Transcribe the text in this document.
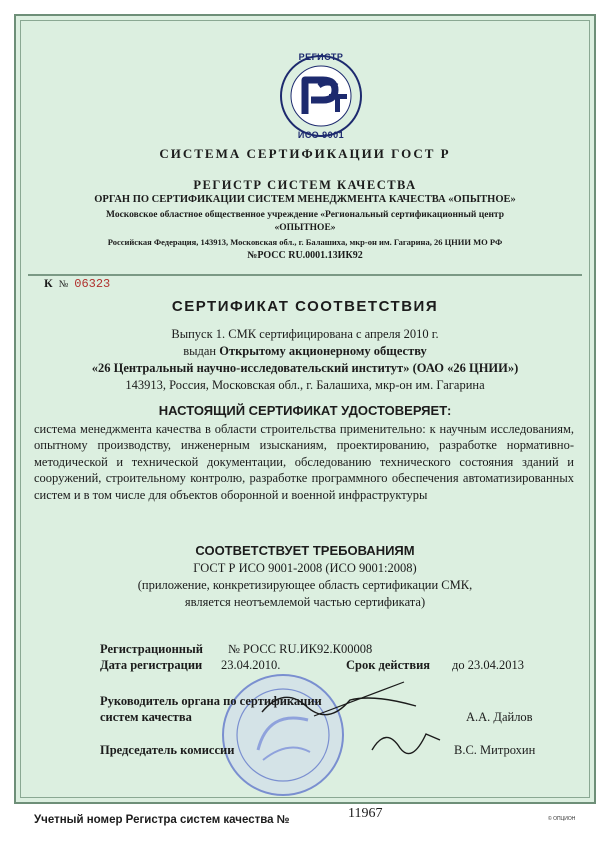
РЕГИСТР
ИСО 9001
СИСТЕМА СЕРТИФИКАЦИИ ГОСТ Р
РЕГИСТР СИСТЕМ КАЧЕСТВА
ОРГАН ПО СЕРТИФИКАЦИИ СИСТЕМ МЕНЕДЖМЕНТА КАЧЕСТВА «ОПЫТНОЕ»
Московское областное общественное учреждение «Региональный сертификационный центр
«ОПЫТНОЕ»
Российская Федерация, 143913, Московская обл., г. Балашиха, мкр-он им. Гагарина, 26 ЦНИИ МО РФ
№РОСС RU.0001.13ИК92
К № 06323
СЕРТИФИКАТ СООТВЕТСТВИЯ
Выпуск 1. СМК сертифицирована с апреля 2010 г.
выдан Открытому акционерному обществу
«26 Центральный научно-исследовательский институт» (ОАО «26 ЦНИИ»)
143913, Россия, Московская обл., г. Балашиха, мкр-он им. Гагарина
НАСТОЯЩИЙ СЕРТИФИКАТ УДОСТОВЕРЯЕТ:
система менеджмента качества в области строительства применительно: к научным исследованиям, опытному производству, инженерным изысканиям, проектированию, разработке нормативно-методической и технической документации, обследованию технического состояния зданий и сооружений, строительному контролю, разработке программного обеспечения автоматизированных систем и в том числе для объектов оборонной и военной инфраструктуры
СООТВЕТСТВУЕТ ТРЕБОВАНИЯМ
ГОСТ Р ИСО 9001-2008 (ИСО 9001:2008)
(приложение, конкретизирующее область сертификации СМК,
является неотъемлемой частью сертификата)
Регистрационный № РОСС RU.ИК92.К00008
Дата регистрации 23.04.2010.	Срок действия до 23.04.2013
Руководитель органа по сертификации
систем качества	А.А. Дайлов
Председатель комиссии	В.С. Митрохин
Учетный номер Регистра систем качества №	11967	© ОПЦИОН
